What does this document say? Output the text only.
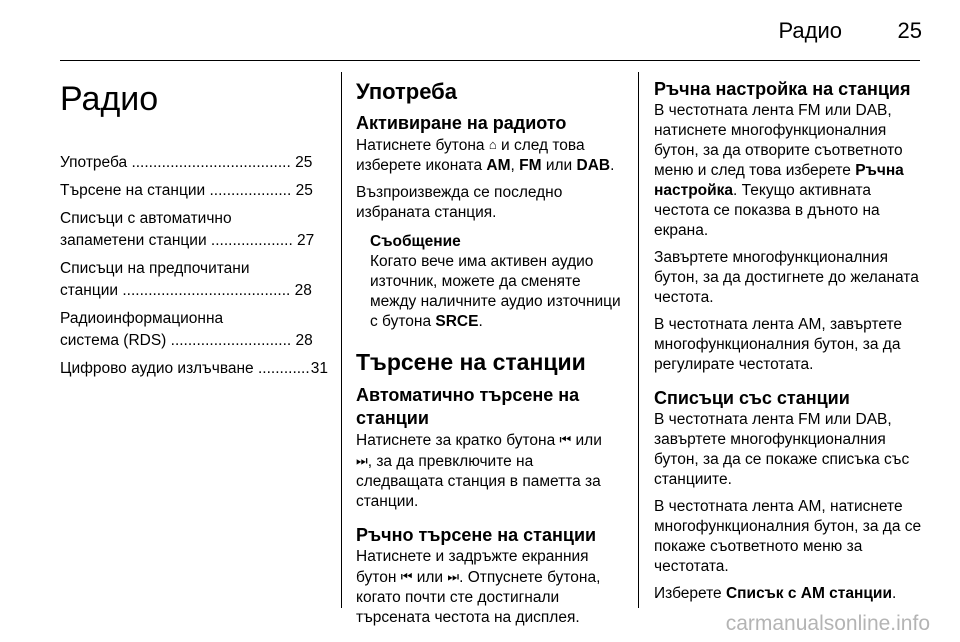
Радио	25
Радио
Употреба ..................................... 25
Търсене на станции ................... 25
Списъци с автоматично
запаметени станции ................... 27
Списъци на предпочитани
станции ....................................... 28
Радиоинформационна
система (RDS) ............................ 28
Цифрово аудио излъчване .....	31
Употреба
Активиране на радиото

Натиснете бутона ⌂ и след това изберете иконата AM, FM или DAB.

Възпроизвежда се последно избраната станция.

Съобщение

Когато вече има активен аудио източник, можете да сменяте между наличните аудио източници с бутона SRCE.

Търсене на станции
Автоматично търсене на станции

Натиснете за кратко бутона ⏮ или
⏭, за да превключите на следващата станция в паметта за станции.

Ръчно търсене на станции

Натиснете и задръжте екранния бутон ⏮ или ⏭. Отпуснете бутона, когато почти сте достигнали търсената честота на дисплея.

Ръчна настройка на станция

В честотната лента FM или DAB, натиснете многофункционалния бутон, за да отворите съответното меню и след това изберете Ръчна настройка. Текущо активната честота се показва в дъното на екрана.

Завъртете многофункционалния бутон, за да достигнете до желаната честота.

В честотната лента AM, завъртете многофункционалния бутон, за да регулирате честотата.

Списъци със станции

В честотната лента FM или DAB, завъртете многофункционалния бутон, за да се покаже списъка със станциите.

В честотната лента AM, натиснете многофункционалния бутон, за да се покаже съответното меню за честотата.

Изберете Списък с AM станции.

carmanualsonline.info
